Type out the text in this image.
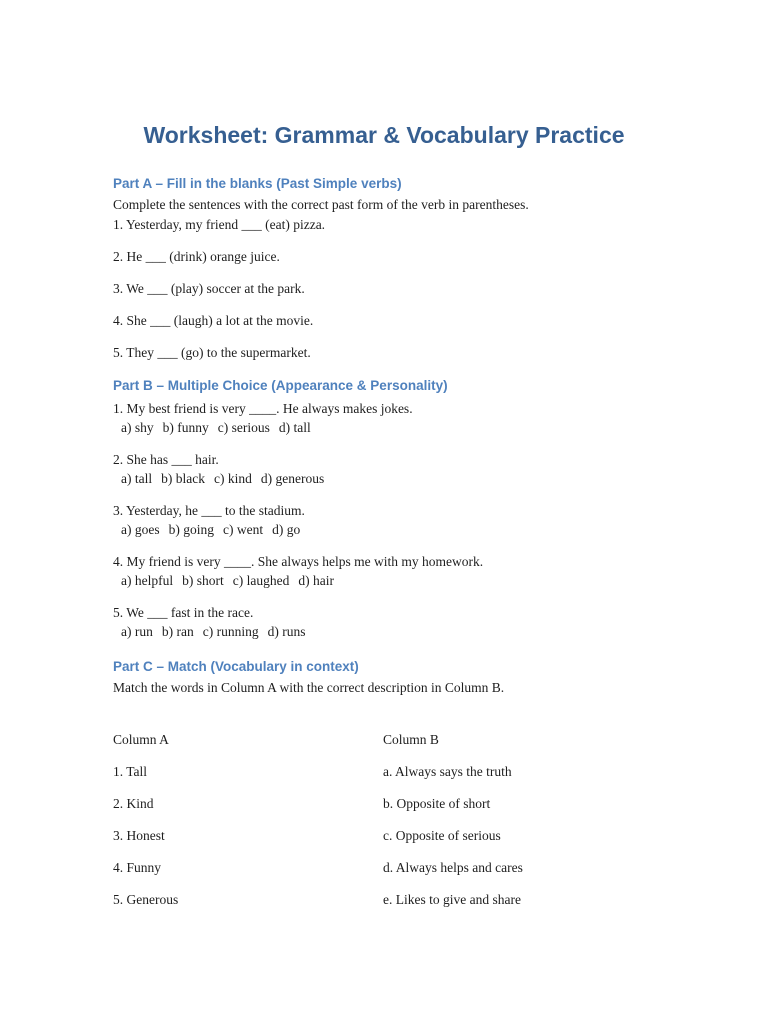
Worksheet: Grammar & Vocabulary Practice
Part A – Fill in the blanks (Past Simple verbs)
Complete the sentences with the correct past form of the verb in parentheses.
1. Yesterday, my friend ___ (eat) pizza.
2. He ___ (drink) orange juice.
3. We ___ (play) soccer at the park.
4. She ___ (laugh) a lot at the movie.
5. They ___ (go) to the supermarket.
Part B – Multiple Choice (Appearance & Personality)
1. My best friend is very ____. He always makes jokes.
a) shy b) funny c) serious d) tall
2. She has ___ hair.
a) tall b) black c) kind d) generous
3. Yesterday, he ___ to the stadium.
a) goes b) going c) went d) go
4. My friend is very ____. She always helps me with my homework.
a) helpful b) short c) laughed d) hair
5. We ___ fast in the race.
a) run b) ran c) running d) runs
Part C – Match (Vocabulary in context)
Match the words in Column A with the correct description in Column B.
Column A	Column B
1. Tall	a. Always says the truth
2. Kind	b. Opposite of short
3. Honest	c. Opposite of serious
4. Funny	d. Always helps and cares
5. Generous	e. Likes to give and share
